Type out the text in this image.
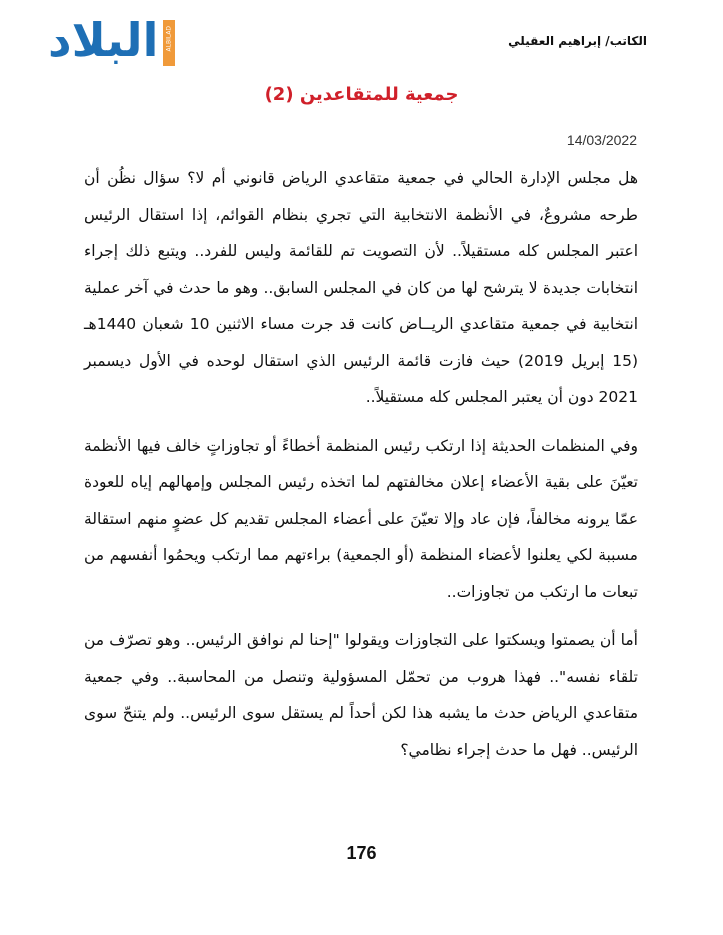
البلاد ALBILAD	الكاتب/ إبراهيم العقيلي
جمعية للمتقاعدين (2)
14/03/2022

هل مجلس الإدارة الحالي في جمعية متقاعدي الرياض قانوني أم لا؟ سؤال نظُن أن طرحه مشروعٌ، في الأنظمة الانتخابية التي تجري بنظام القوائم، إذا استقال الرئيس اعتبر المجلس كله مستقيلاً.. لأن التصويت تم للقائمة وليس للفرد.. ويتبع ذلك إجراء انتخابات جديدة لا يترشح لها من كان في المجلس السابق.. وهو ما حدث في آخر عملية انتخابية في جمعية متقاعدي الريــاض كانت قد جرت مساء الاثنين 10 شعبان 1440هـ (15 إبريل 2019) حيث فازت قائمة الرئيس الذي استقال لوحده في الأول ديسمبر 2021 دون أن يعتبر المجلس كله مستقيلاً..

وفي المنظمات الحديثة إذا ارتكب رئيس المنظمة أخطاءً أو تجاوزاتٍ خالف فيها الأنظمة تعيّنَ على بقية الأعضاء إعلان مخالفتهم لما اتخذه رئيس المجلس وإمهالهم إياه للعودة عمّا يرونه مخالفاً، فإن عاد وإلا تعيّنَ على أعضاء المجلس تقديم كل عضوٍ منهم استقالة مسببة لكي يعلنوا لأعضاء المنظمة (أو الجمعية) براءتهم مما ارتكب ويحمُوا أنفسهم من تبعات ما ارتكب من تجاوزات..

أما أن يصمتوا ويسكتوا على التجاوزات ويقولوا "إحنا لم نوافق الرئيس.. وهو تصرّف من تلقاء نفسه".. فهذا هروب من تحمّل المسؤولية وتنصل من المحاسبة.. وفي جمعية متقاعدي الرياض حدث ما يشبه هذا لكن أحداً لم يستقل سوى الرئيس.. ولم يتنحّ سوى الرئيس.. فهل ما حدث إجراء نظامي؟

176
